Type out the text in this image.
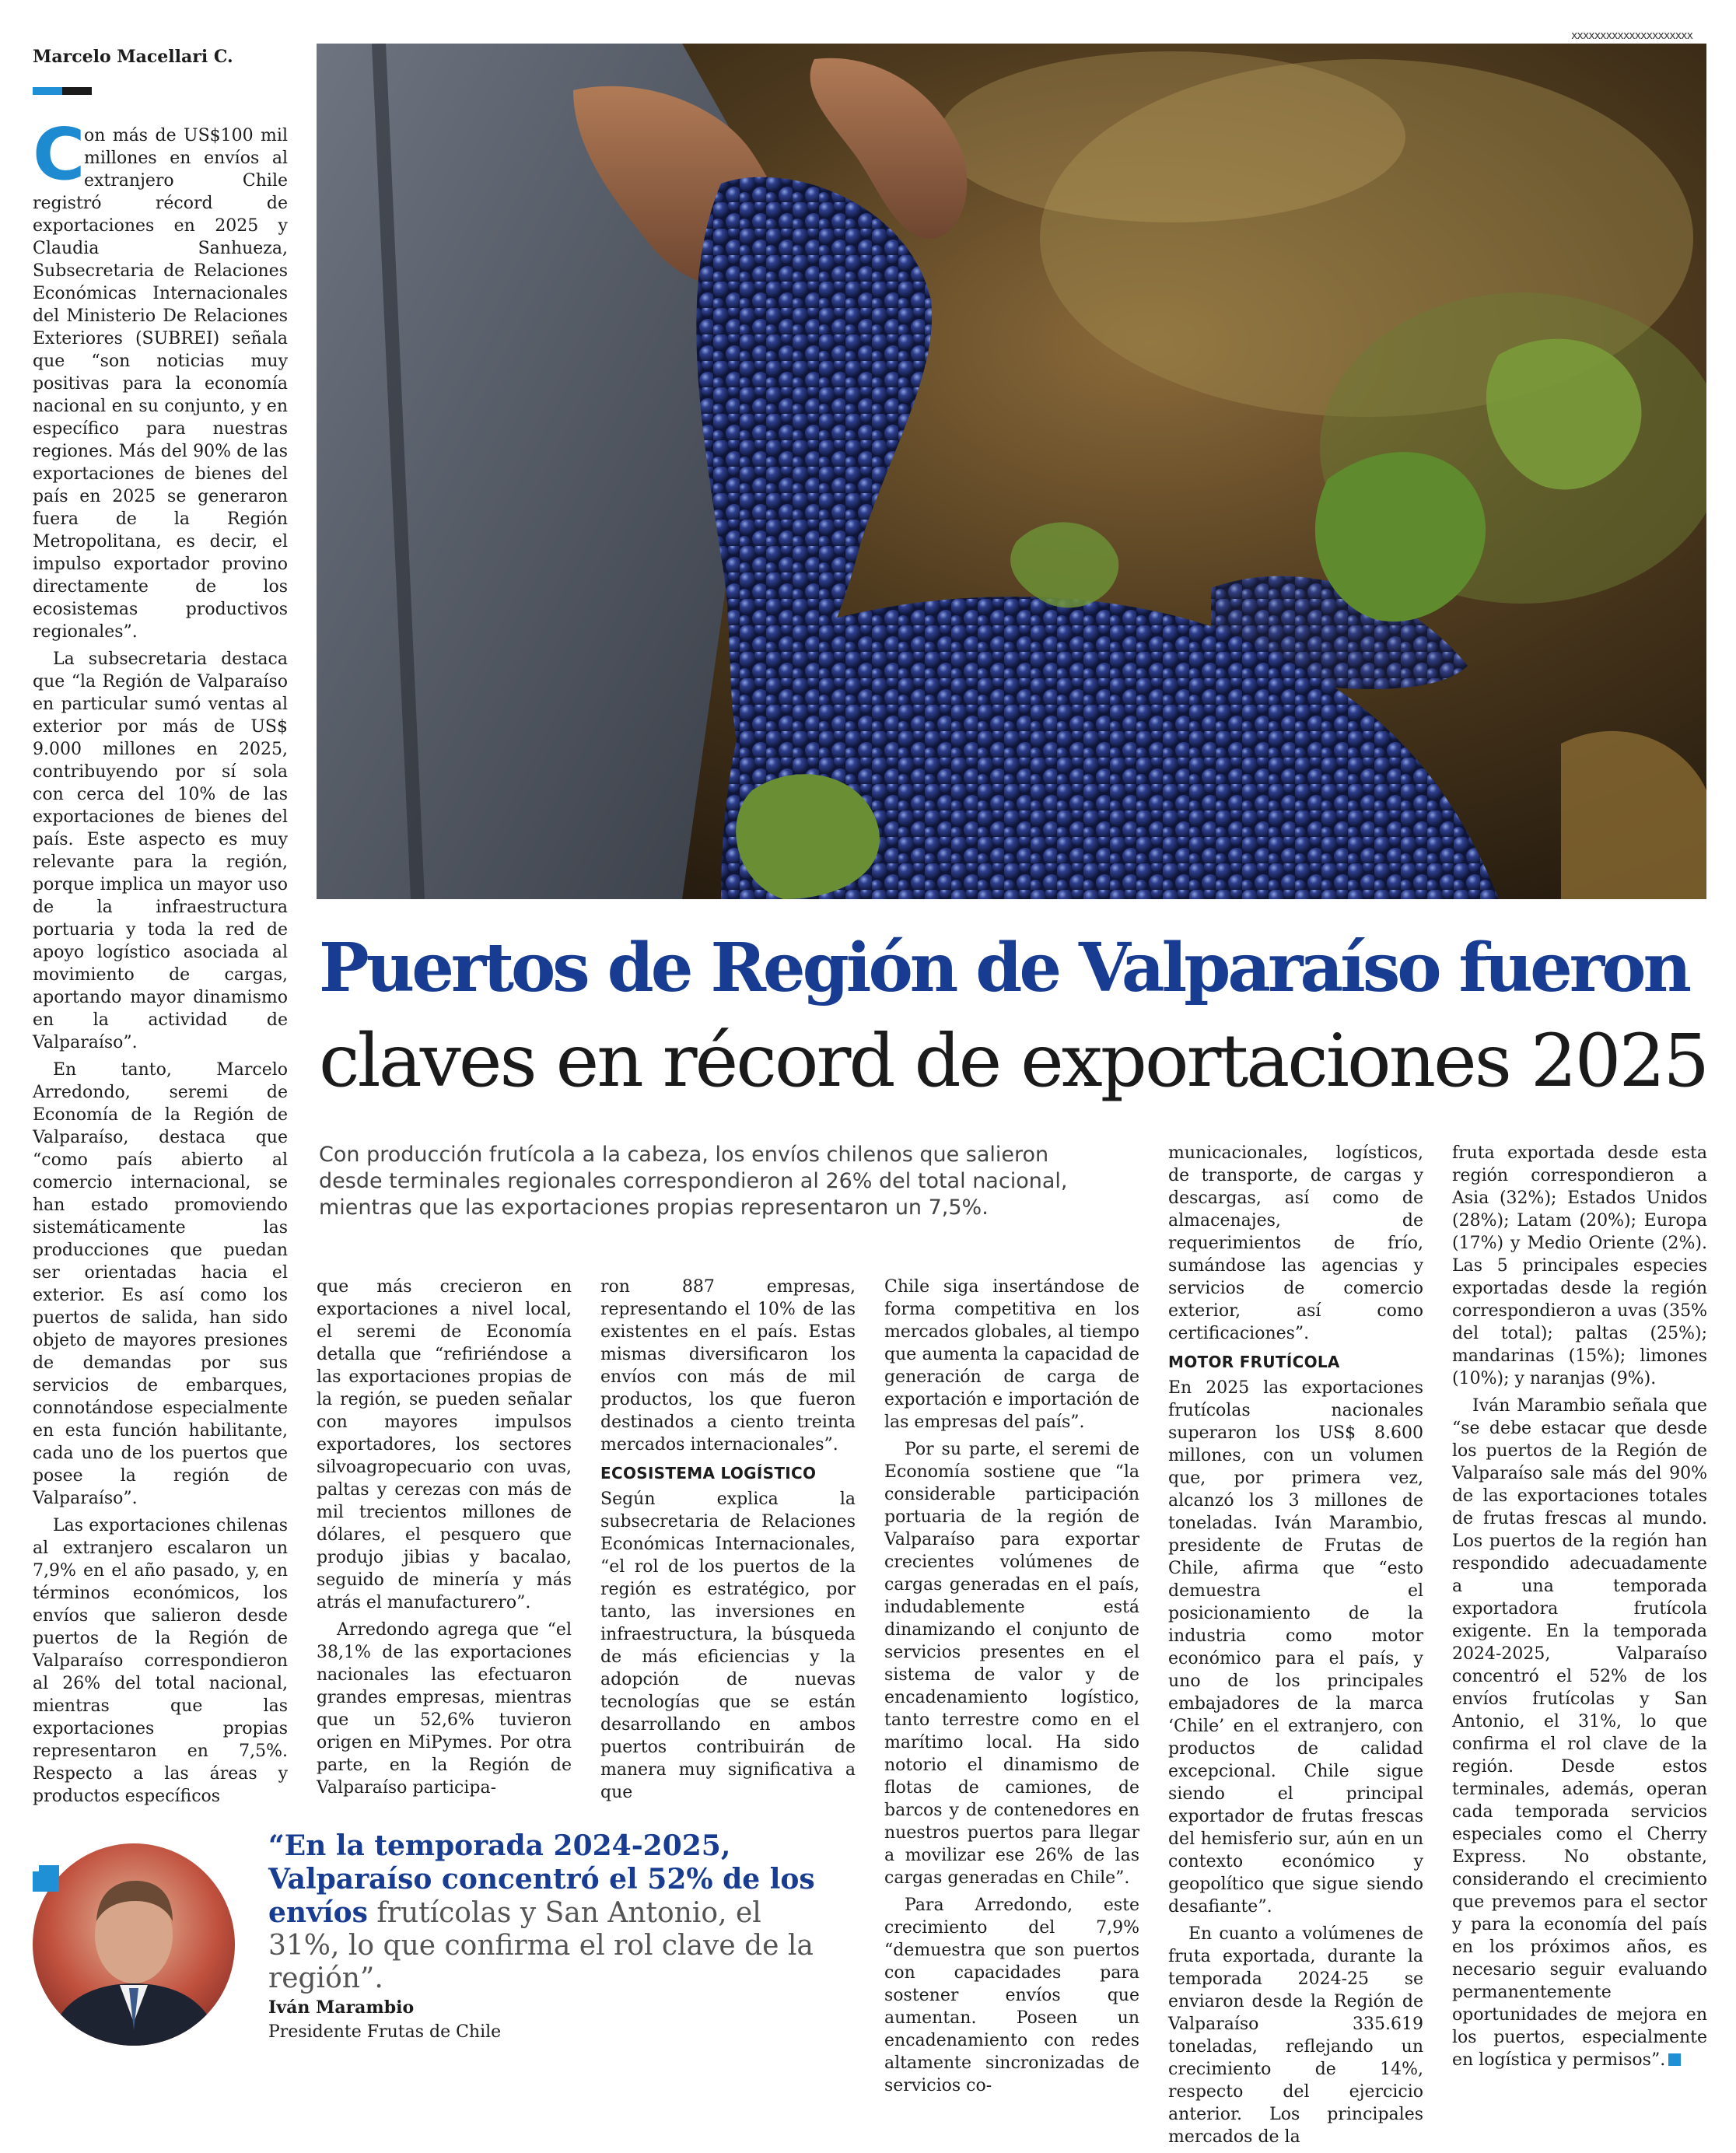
xxxxxxxxxxxxxxxxxxxxx
Marcelo Macellari C.

C
on más de US$100 mil millones en envíos al extranjero Chile registró récord de exportaciones en 2025 y Claudia Sanhueza, Subsecretaria de Relaciones Económicas Internacionales del Ministerio De Relaciones Exteriores (SUBREI) señala que “son noticias muy positivas para la economía nacional en su conjunto, y en específico para nuestras regiones. Más del 90% de las exportaciones de bienes del país en 2025 se generaron fuera de la Región Metropolitana, es decir, el impulso exportador provino directamente de los ecosistemas productivos regionales”.

La subsecretaria destaca que “la Región de Valparaíso en particular sumó ventas al exterior por más de US$ 9.000 millones en 2025, contribuyendo por sí sola con cerca del 10% de las exportaciones de bienes del país. Este aspecto es muy relevante para la región, porque implica un mayor uso de la infraestructura portuaria y toda la red de apoyo logístico asociada al movimiento de cargas, aportando mayor dinamismo en la actividad de Valparaíso”.

En tanto, Marcelo Arredondo, seremi de Economía de la Región de Valparaíso, destaca que “como país abierto al comercio internacional, se han estado promoviendo sistemáticamente las producciones que puedan ser orientadas hacia el exterior. Es así como los puertos de salida, han sido objeto de mayores presiones de demandas por sus servicios de embarques, connotándose especialmente en esta función habilitante, cada uno de los puertos que posee la región de Valparaíso”.

Las exportaciones chilenas al extranjero escalaron un 7,9% en el año pasado, y, en términos económicos, los envíos que salieron desde puertos de la Región de Valparaíso correspondieron al 26% del total nacional, mientras que las exportaciones propias representaron en 7,5%. Respecto a las áreas y productos específicos

Puertos de Región de Valparaíso fueron
claves en récord de exportaciones 2025
Con producción frutícola a la cabeza, los envíos chilenos que salieron desde terminales regionales correspondieron al 26% del total nacional, mientras que las exportaciones propias representaron un 7,5%.

que más crecieron en exportaciones a nivel local, el seremi de Economía detalla que “refiriéndose a las exportaciones propias de la región, se pueden señalar con mayores impulsos exportadores, los sectores silvoagropecuario con uvas, paltas y cerezas con más de mil trecientos millones de dólares, el pesquero que produjo jibias y bacalao, seguido de minería y más atrás el manufacturero”.

Arredondo agrega que “el 38,1% de las exportaciones nacionales las efectuaron grandes empresas, mientras que un 52,6% tuvieron origen en MiPymes. Por otra parte, en la Región de Valparaíso participa-

ron 887 empresas, representando el 10% de las existentes en el país. Estas mismas diversificaron los envíos con más de mil productos, los que fueron destinados a ciento treinta mercados internacionales”.

ECOSISTEMA LOGÍSTICO

Según explica la subsecretaria de Relaciones Económicas Internacionales, “el rol de los puertos de la región es estratégico, por tanto, las inversiones en infraestructura, la búsqueda de más eficiencias y la adopción de nuevas tecnologías que se están desarrollando en ambos puertos contribuirán de manera muy significativa a que

Chile siga insertándose de forma competitiva en los mercados globales, al tiempo que aumenta la capacidad de generación de carga de exportación e importación de las empresas del país”.

Por su parte, el seremi de Economía sostiene que “la considerable participación portuaria de la región de Valparaíso para exportar crecientes volúmenes de cargas generadas en el país, indudablemente está dinamizando el conjunto de servicios presentes en el sistema de valor y de encadenamiento logístico, tanto terrestre como en el marítimo local. Ha sido notorio el dinamismo de flotas de camiones, de barcos y de contenedores en nuestros puertos para llegar a movilizar ese 26% de las cargas generadas en Chile”.

Para Arredondo, este crecimiento del 7,9% “demuestra que son puertos con capacidades para sostener envíos que aumentan. Poseen un encadenamiento con redes altamente sincronizadas de servicios co-

municacionales, logísticos, de transporte, de cargas y descargas, así como de almacenajes, de requerimientos de frío, sumándose las agencias y servicios de comercio exterior, así como certificaciones”.

MOTOR FRUTÍCOLA

En 2025 las exportaciones frutícolas nacionales superaron los US$ 8.600 millones, con un volumen que, por primera vez, alcanzó los 3 millones de toneladas. Iván Marambio, presidente de Frutas de Chile, afirma que “esto demuestra el posicionamiento de la industria como motor económico para el país, y uno de los principales embajadores de la marca ‘Chile’ en el extranjero, con productos de calidad excepcional. Chile sigue siendo el principal exportador de frutas frescas del hemisferio sur, aún en un contexto económico y geopolítico que sigue siendo desafiante”.

En cuanto a volúmenes de fruta exportada, durante la temporada 2024-25 se enviaron desde la Región de Valparaíso 335.619 toneladas, reflejando un crecimiento de 14%, respecto del ejercicio anterior. Los principales mercados de la

fruta exportada desde esta región correspondieron a Asia (32%); Estados Unidos (28%); Latam (20%); Europa (17%) y Medio Oriente (2%). Las 5 principales especies exportadas desde la región correspondieron a uvas (35% del total); paltas (25%); mandarinas (15%); limones (10%); y naranjas (9%).

Iván Marambio señala que “se debe estacar que desde los puertos de la Región de Valparaíso sale más del 90% de las exportaciones totales de frutas frescas al mundo. Los puertos de la región han respondido adecuadamente a una temporada exportadora frutícola exigente. En la temporada 2024-2025, Valparaíso concentró el 52% de los envíos frutícolas y San Antonio, el 31%, lo que confirma el rol clave de la región. Desde estos terminales, además, operan cada temporada servicios especiales como el Cherry Express. No obstante, considerando el crecimiento que prevemos para el sector y para la economía del país en los próximos años, es necesario seguir evaluando permanentemente oportunidades de mejora en los puertos, especialmente en logística y permisos”.

“En la temporada 2024-2025, Valparaíso concentró el 52% de los envíos frutícolas y San Antonio, el 31%, lo que confirma el rol clave de la región”.
Iván Marambio
Presidente Frutas de Chile
